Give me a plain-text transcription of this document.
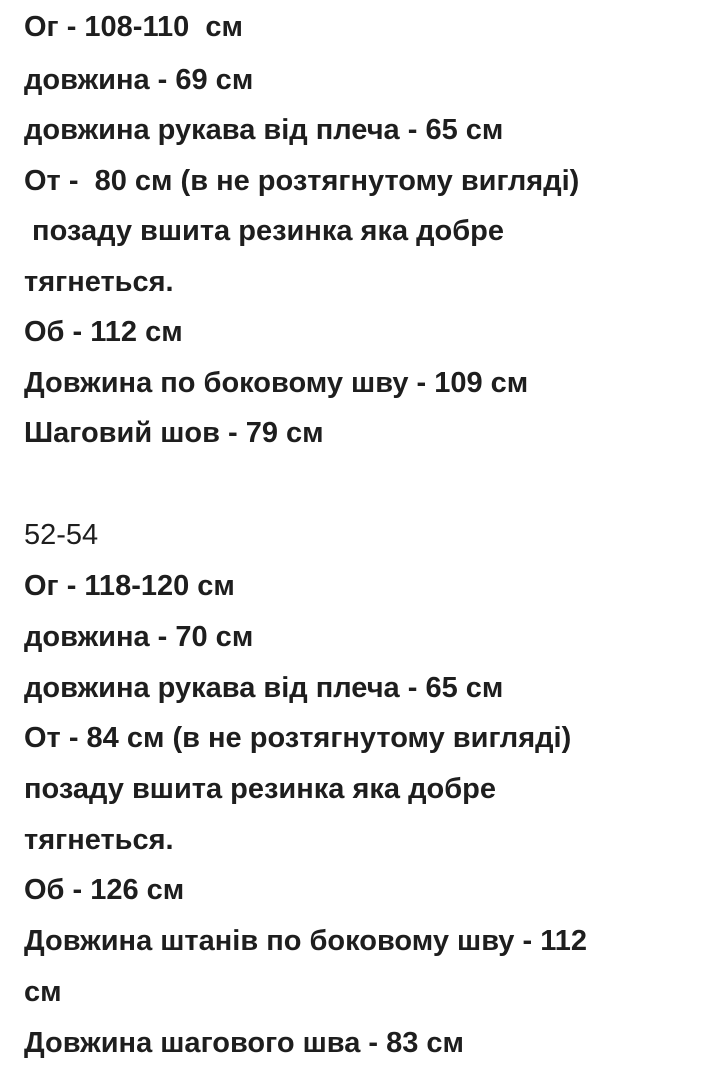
Ог - 108-110  см

довжина - 69 см

довжина рукава від плеча - 65 см

От -  80 см (в не розтягнутому вигляді)

позаду вшита резинка яка добре

тягнеться.

Об - 112 см

Довжина по боковому шву - 109 см

Шаговий шов - 79 см

52-54

Ог - 118-120 см

довжина - 70 см

довжина рукава від плеча - 65 см

От - 84 см (в не розтягнутому вигляді)

позаду вшита резинка яка добре

тягнеться.

Об - 126 см

Довжина штанів по боковому шву - 112

см

Довжина шагового шва - 83 см
